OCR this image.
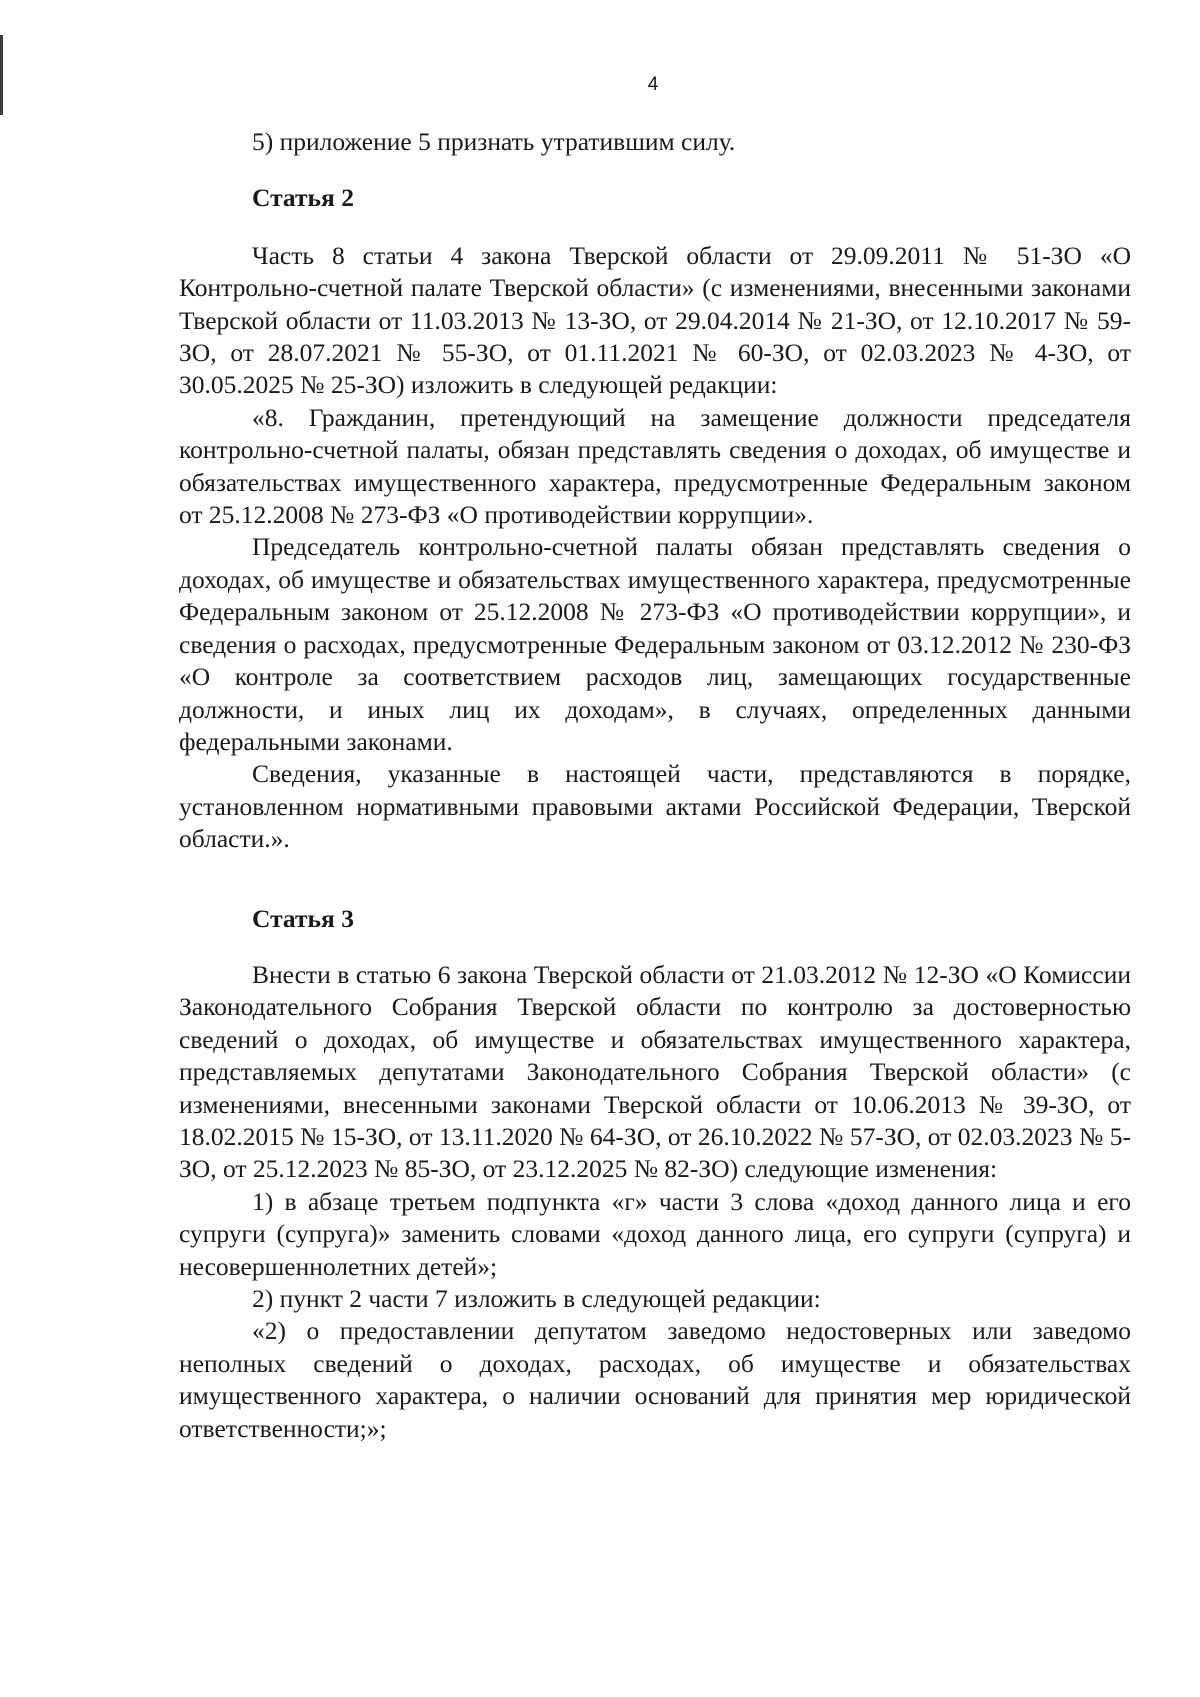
4

5) приложение 5 признать утратившим силу.

Статья 2

Часть 8 статьи 4 закона Тверской области от 29.09.2011 № 51-ЗО «О Контрольно-счетной палате Тверской области» (с изменениями, внесенными законами Тверской области от 11.03.2013 № 13-ЗО, от 29.04.2014 № 21-ЗО, от 12.10.2017 № 59-ЗО, от 28.07.2021 № 55-ЗО, от 01.11.2021 № 60-ЗО, от 02.03.2023 № 4-ЗО, от 30.05.2025 № 25-ЗО) изложить в следующей редакции:

«8. Гражданин, претендующий на замещение должности председателя контрольно-счетной палаты, обязан представлять сведения о доходах, об имуществе и обязательствах имущественного характера, предусмотренные Федеральным законом от 25.12.2008 № 273-ФЗ «О противодействии коррупции».

Председатель контрольно-счетной палаты обязан представлять сведения о доходах, об имуществе и обязательствах имущественного характера, предусмотренные Федеральным законом от 25.12.2008 № 273-ФЗ «О противодействии коррупции», и сведения о расходах, предусмотренные Федеральным законом от 03.12.2012 № 230-ФЗ «О контроле за соответствием расходов лиц, замещающих государственные должности, и иных лиц их доходам», в случаях, определенных данными федеральными законами.

Сведения, указанные в настоящей части, представляются в порядке, установленном нормативными правовыми актами Российской Федерации, Тверской области.».

Статья 3

Внести в статью 6 закона Тверской области от 21.03.2012 № 12-ЗО «О Комиссии Законодательного Собрания Тверской области по контролю за достоверностью сведений о доходах, об имуществе и обязательствах имущественного характера, представляемых депутатами Законодательного Собрания Тверской области» (с изменениями, внесенными законами Тверской области от 10.06.2013 № 39-ЗО, от 18.02.2015 № 15-ЗО, от 13.11.2020 № 64-ЗО, от 26.10.2022 № 57-ЗО, от 02.03.2023 № 5-ЗО, от 25.12.2023 № 85-ЗО, от 23.12.2025 № 82-ЗО) следующие изменения:

1) в абзаце третьем подпункта «г» части 3 слова «доход данного лица и его супруги (супруга)» заменить словами «доход данного лица, его супруги (супруга) и несовершеннолетних детей»;

2) пункт 2 части 7 изложить в следующей редакции:

«2) о предоставлении депутатом заведомо недостоверных или заведомо неполных сведений о доходах, расходах, об имуществе и обязательствах имущественного характера, о наличии оснований для принятия мер юридической ответственности;»;
